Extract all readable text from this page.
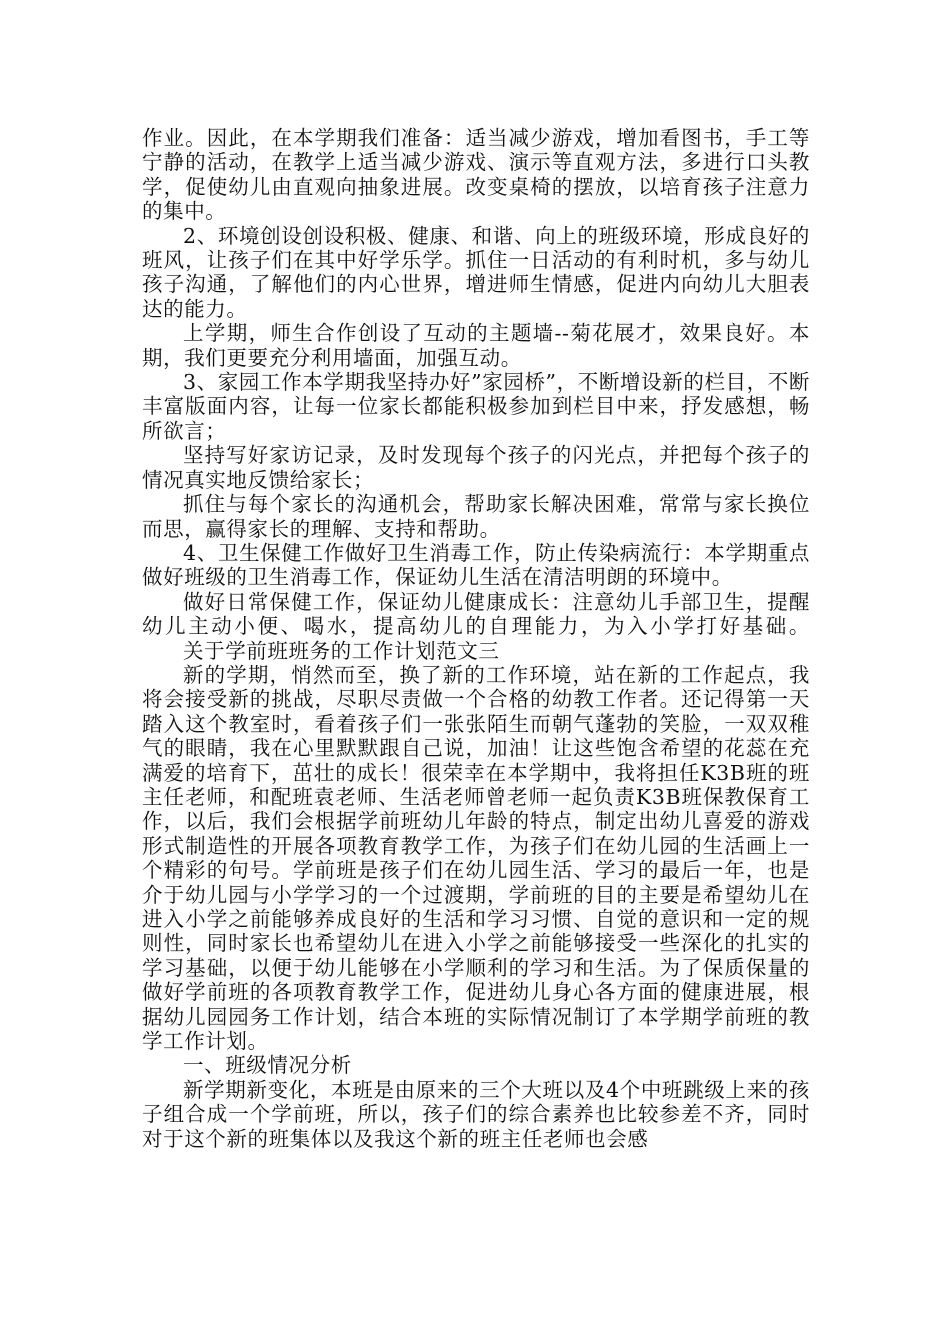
作业。因此，在本学期我们准备：适当减少游戏，增加看图书，手工等宁静的活动，在教学上适当减少游戏、演示等直观方法，多进行口头教学，促使幼儿由直观向抽象进展。改变桌椅的摆放，以培育孩子注意力的集中。

2、环境创设创设积极、健康、和谐、向上的班级环境，形成良好的班风，让孩子们在其中好学乐学。抓住一日活动的有利时机，多与幼儿孩子沟通，了解他们的内心世界，增进师生情感，促进内向幼儿大胆表达的能力。

上学期，师生合作创设了互动的主题墙--菊花展才，效果良好。本期，我们更要充分利用墙面，加强互动。

3、家园工作本学期我坚持办好”家园桥”，不断增设新的栏目，不断丰富版面内容，让每一位家长都能积极参加到栏目中来，抒发感想，畅所欲言；

坚持写好家访记录，及时发现每个孩子的闪光点，并把每个孩子的情况真实地反馈给家长；

抓住与每个家长的沟通机会，帮助家长解决困难，常常与家长换位而思，赢得家长的理解、支持和帮助。

4、卫生保健工作做好卫生消毒工作，防止传染病流行：本学期重点做好班级的卫生消毒工作，保证幼儿生活在清洁明朗的环境中。

做好日常保健工作，保证幼儿健康成长：注意幼儿手部卫生，提醒幼儿主动小便、喝水，提高幼儿的自理能力，为入小学打好基础。关于学前班班务的工作计划范文三

新的学期，悄然而至，换了新的工作环境，站在新的工作起点，我将会接受新的挑战，尽职尽责做一个合格的幼教工作者。还记得第一天踏入这个教室时，看着孩子们一张张陌生而朝气蓬勃的笑脸，一双双稚气的眼睛，我在心里默默跟自己说，加油！让这些饱含希望的花蕊在充满爱的培育下，茁壮的成长！很荣幸在本学期中，我将担任K3B班的班主任老师，和配班袁老师、生活老师曾老师一起负责K3B班保教保育工作，以后，我们会根据学前班幼儿年龄的特点，制定出幼儿喜爱的游戏形式制造性的开展各项教育教学工作，为孩子们在幼儿园的生活画上一个精彩的句号。学前班是孩子们在幼儿园生活、学习的最后一年，也是介于幼儿园与小学学习的一个过渡期，学前班的目的主要是希望幼儿在进入小学之前能够养成良好的生活和学习习惯、自觉的意识和一定的规则性，同时家长也希望幼儿在进入小学之前能够接受一些深化的扎实的学习基础，以便于幼儿能够在小学顺利的学习和生活。为了保质保量的做好学前班的各项教育教学工作，促进幼儿身心各方面的健康进展，根据幼儿园园务工作计划，结合本班的实际情况制订了本学期学前班的教学工作计划。

一、班级情况分析

新学期新变化，本班是由原来的三个大班以及4个中班跳级上来的孩子组合成一个学前班，所以，孩子们的综合素养也比较参差不齐，同时对于这个新的班集体以及我这个新的班主任老师也会感
